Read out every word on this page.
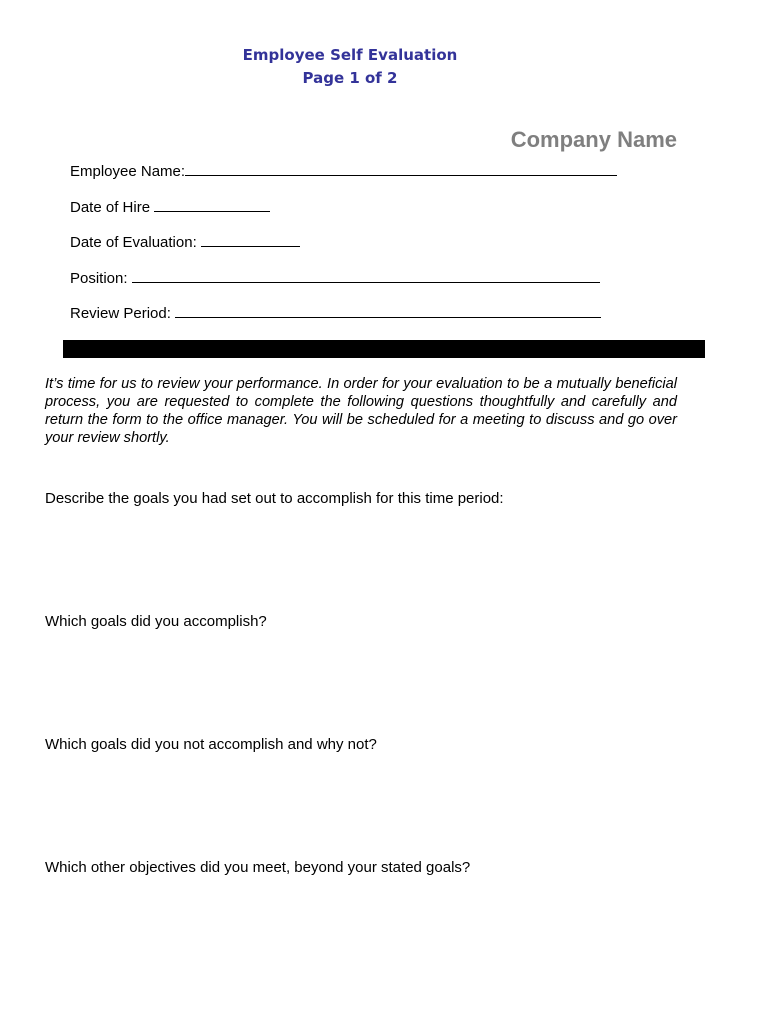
Employee Self Evaluation
Page 1 of 2
Company Name
Employee Name:
Date of Hire
Date of Evaluation:
Position:
Review Period:
It’s time for us to review your performance. In order for your evaluation to be a mutually beneficial process, you are requested to complete the following questions thoughtfully and carefully and return the form to the office manager. You will be scheduled for a meeting to discuss and go over your review shortly.
Describe the goals you had set out to accomplish for this time period:
Which goals did you accomplish?
Which goals did you not accomplish and why not?
Which other objectives did you meet, beyond your stated goals?
